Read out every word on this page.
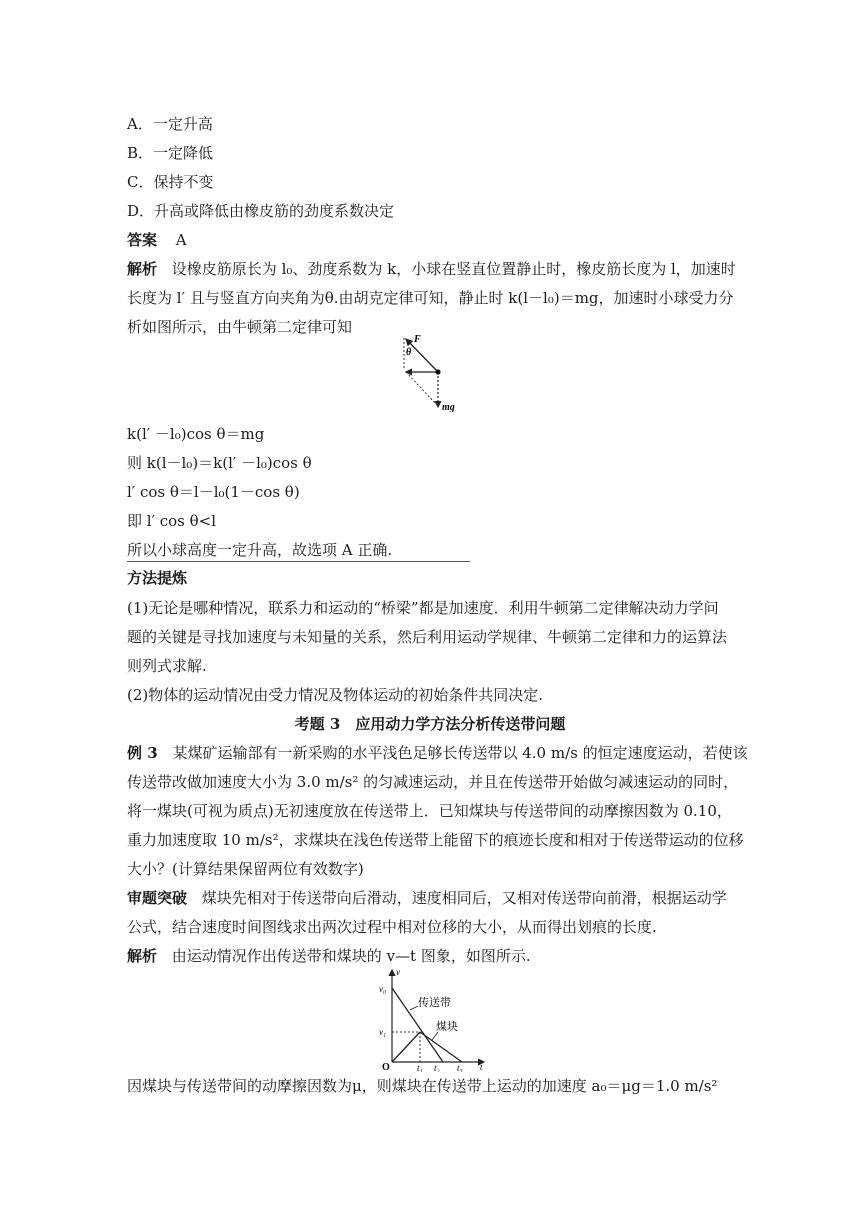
A．一定升高
B．一定降低
C．保持不变
D．升高或降低由橡皮筋的劲度系数决定
答案 A
解析 设橡皮筋原长为 l₀、劲度系数为 k，小球在竖直位置静止时，橡皮筋长度为 l，加速时
长度为 l′ 且与竖直方向夹角为θ.由胡克定律可知，静止时 k(l－l₀)＝mg，加速时小球受力分
析如图所示，由牛顿第二定律可知
F
θ
mg
k(l′ －l₀)cos θ＝mg
则 k(l－l₀)＝k(l′ －l₀)cos θ
l′ cos θ＝l－l₀(1－cos θ)
即 l′ cos θ<l
所以小球高度一定升高，故选项 A 正确.
方法提炼
(1)无论是哪种情况，联系力和运动的“桥梁”都是加速度．利用牛顿第二定律解决动力学问
题的关键是寻找加速度与未知量的关系，然后利用运动学规律、牛顿第二定律和力的运算法
则列式求解.
(2)物体的运动情况由受力情况及物体运动的初始条件共同决定.
考题 3　应用动力学方法分析传送带问题
例 3 某煤矿运输部有一新采购的水平浅色足够长传送带以 4.0 m/s 的恒定速度运动，若使该
传送带改做加速度大小为 3.0 m/s² 的匀减速运动，并且在传送带开始做匀减速运动的同时，
将一煤块(可视为质点)无初速度放在传送带上．已知煤块与传送带间的动摩擦因数为 0.10，
重力加速度取 10 m/s²，求煤块在浅色传送带上能留下的痕迹长度和相对于传送带运动的位移
大小？(计算结果保留两位有效数字)
审题突破 煤块先相对于传送带向后滑动，速度相同后，又相对传送带向前滑，根据运动学
公式，结合速度时间图线求出两次过程中相对位移的大小，从而得出划痕的长度.
解析 由运动情况作出传送带和煤块的 v—t 图象，如图所示.
v
v₀
v₁
O	t₁ t₂ t₃ t
传送带
煤块
因煤块与传送带间的动摩擦因数为μ，则煤块在传送带上运动的加速度 a₀＝μg＝1.0 m/s²
